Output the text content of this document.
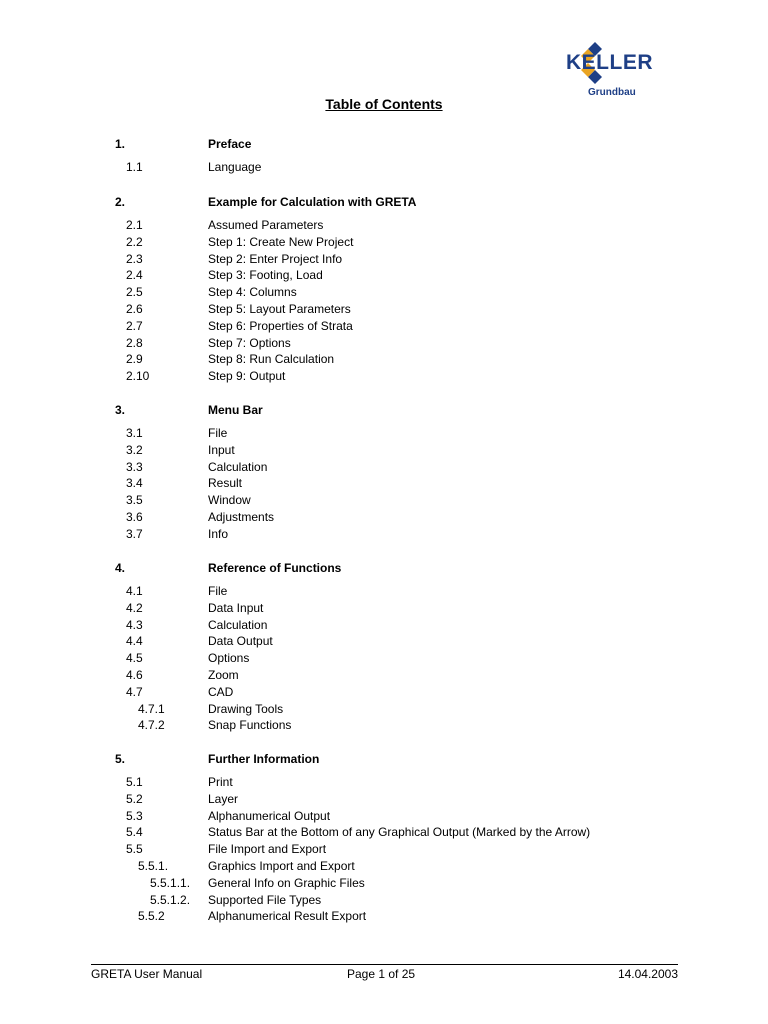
KELLER
Grundbau
Table of Contents
1.	Preface
1.1	Language
2.	Example for Calculation with GRETA
2.1	Assumed Parameters
2.2	Step 1: Create New Project
2.3	Step 2: Enter Project Info
2.4	Step 3: Footing, Load
2.5	Step 4: Columns
2.6	Step 5: Layout Parameters
2.7	Step 6: Properties of Strata
2.8	Step 7: Options
2.9	Step 8: Run Calculation
2.10	Step 9: Output
3.	Menu Bar
3.1	File
3.2	Input
3.3	Calculation
3.4	Result
3.5	Window
3.6	Adjustments
3.7	Info
4.	Reference of Functions
4.1	File
4.2	Data Input
4.3	Calculation
4.4	Data Output
4.5	Options
4.6	Zoom
4.7	CAD
4.7.1	Drawing Tools
4.7.2	Snap Functions
5.	Further Information
5.1	Print
5.2	Layer
5.3	Alphanumerical Output
5.4	Status Bar at the Bottom of any Graphical Output (Marked by the Arrow)
5.5	File Import and Export
5.5.1.	Graphics Import and Export
5.5.1.1. General Info on Graphic Files
5.5.1.2. Supported File Types
5.5.2	Alphanumerical Result Export
GRETA User Manual	Page 1 of 25	14.04.2003
